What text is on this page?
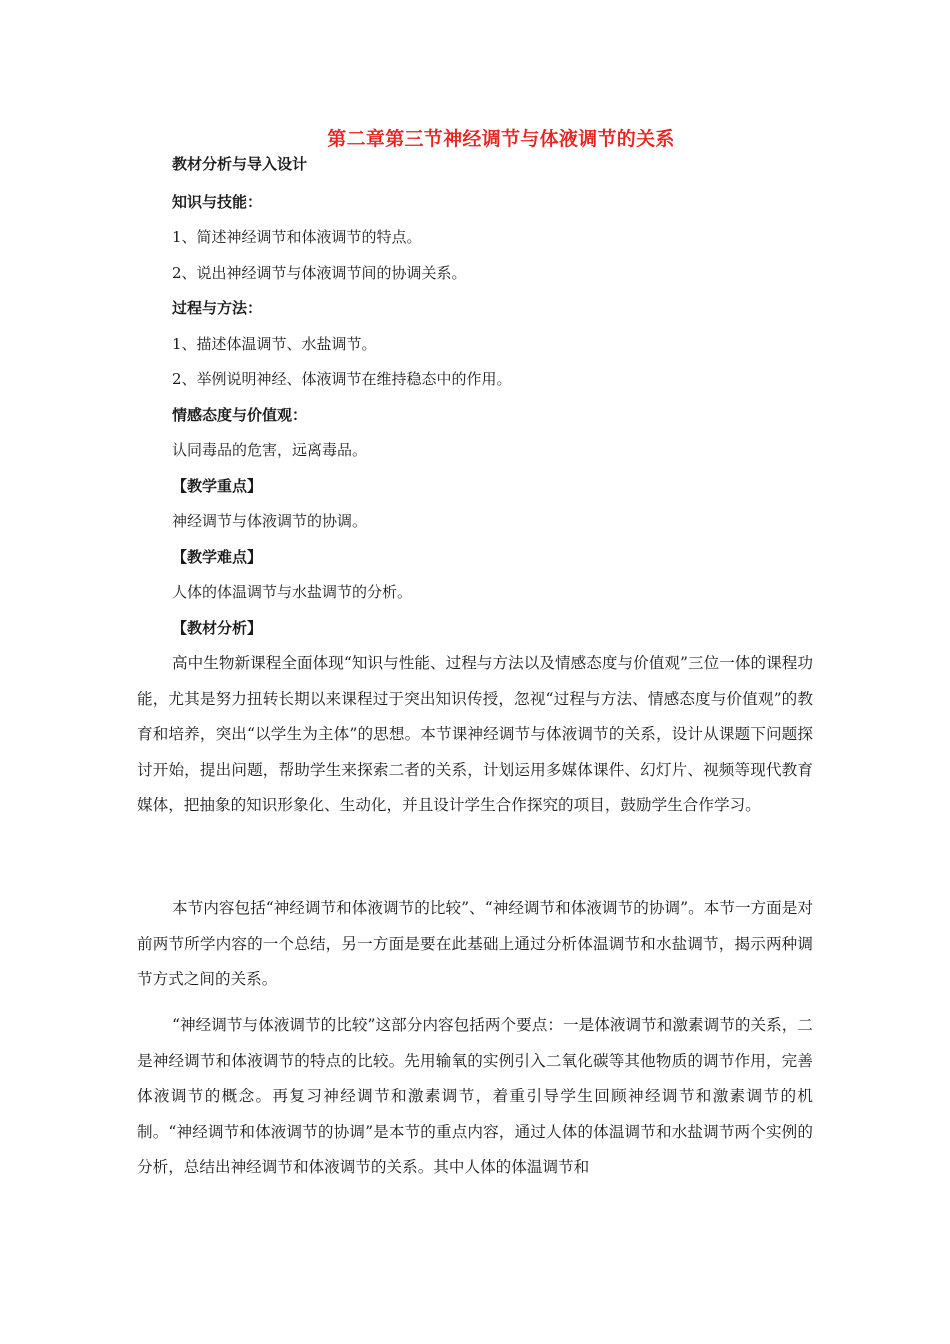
第二章第三节神经调节与体液调节的关系
教材分析与导入设计
知识与技能：
1、简述神经调节和体液调节的特点。
2、说出神经调节与体液调节间的协调关系。
过程与方法：
1、描述体温调节、水盐调节。
2、举例说明神经、体液调节在维持稳态中的作用。
情感态度与价值观：
认同毒品的危害，远离毒品。
【教学重点】
神经调节与体液调节的协调。
【教学难点】
人体的体温调节与水盐调节的分析。
【教材分析】

高中生物新课程全面体现“知识与性能、过程与方法以及情感态度与价值观”三位一体的课程功能，尤其是努力扭转长期以来课程过于突出知识传授，忽视“过程与方法、情感态度与价值观”的教育和培养，突出“以学生为主体”的思想。本节课神经调节与体液调节的关系，设计从课题下问题探讨开始，提出问题，帮助学生来探索二者的关系，计划运用多媒体课件、幻灯片、视频等现代教育媒体，把抽象的知识形象化、生动化，并且设计学生合作探究的项目，鼓励学生合作学习。

本节内容包括“神经调节和体液调节的比较”、“神经调节和体液调节的协调”。本节一方面是对前两节所学内容的一个总结，另一方面是要在此基础上通过分析体温调节和水盐调节，揭示两种调节方式之间的关系。

“神经调节与体液调节的比较”这部分内容包括两个要点：一是体液调节和激素调节的关系，二是神经调节和体液调节的特点的比较。先用输氧的实例引入二氧化碳等其他物质的调节作用，完善体液调节的概念。再复习神经调节和激素调节，着重引导学生回顾神经调节和激素调节的机制。“神经调节和体液调节的协调”是本节的重点内容，通过人体的体温调节和水盐调节两个实例的分析，总结出神经调节和体液调节的关系。其中人体的体温调节和
